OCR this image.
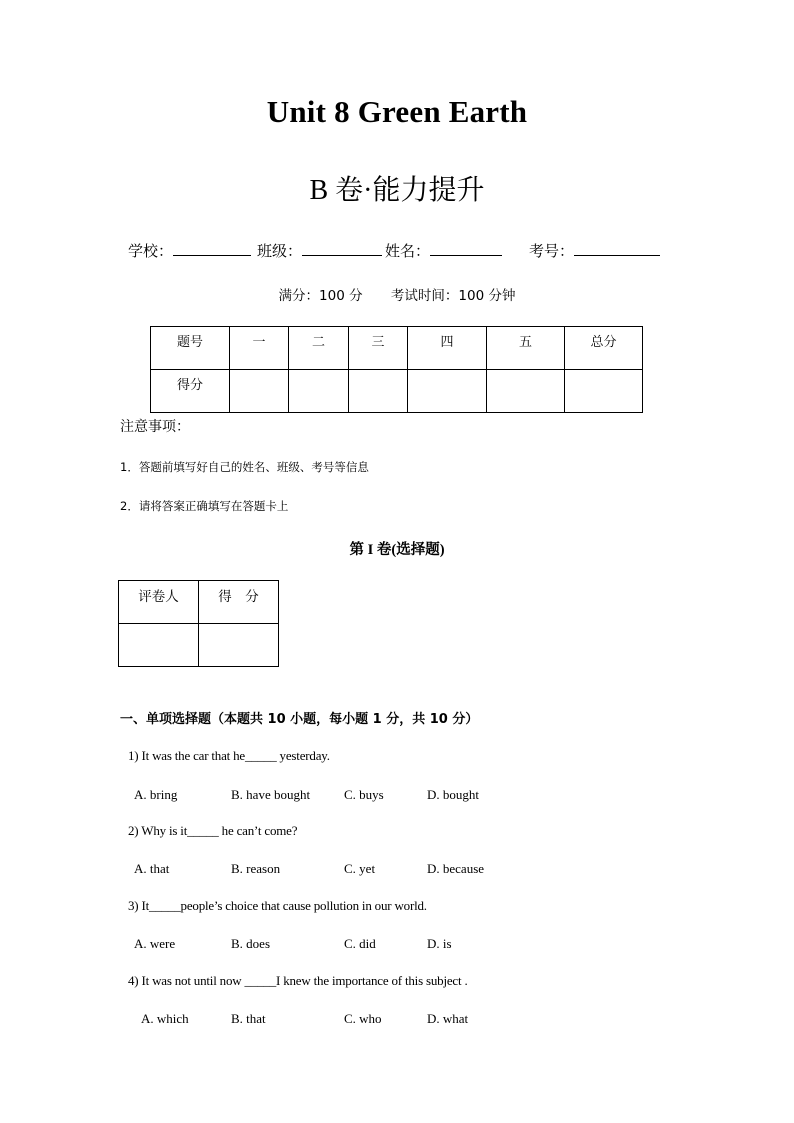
Unit 8 Green Earth
B 卷·能力提升
学校：	班级：	姓名：	考号：
满分：100 分 考试时间：100 分钟
题号	一	二	三	四	五	总分
得分						
注意事项：
1．答题前填写好自己的姓名、班级、考号等信息
2．请将答案正确填写在答题卡上
第 I 卷(选择题)
评卷人	得　分

一、单项选择题（本题共 10 小题，每小题 1 分，共 10 分）
1) It was the car that he_____ yesterday.
A. bring	B. have bought	C. buys	D. bought
2) Why is it_____ he can’t come?
A. that	B. reason	C. yet	D. because
3) It_____people’s choice that cause pollution in our world.
A. were	B. does	C. did	D. is
4) It was not until now _____I knew the importance of this subject .
A. which	B. that	C. who	D. what
